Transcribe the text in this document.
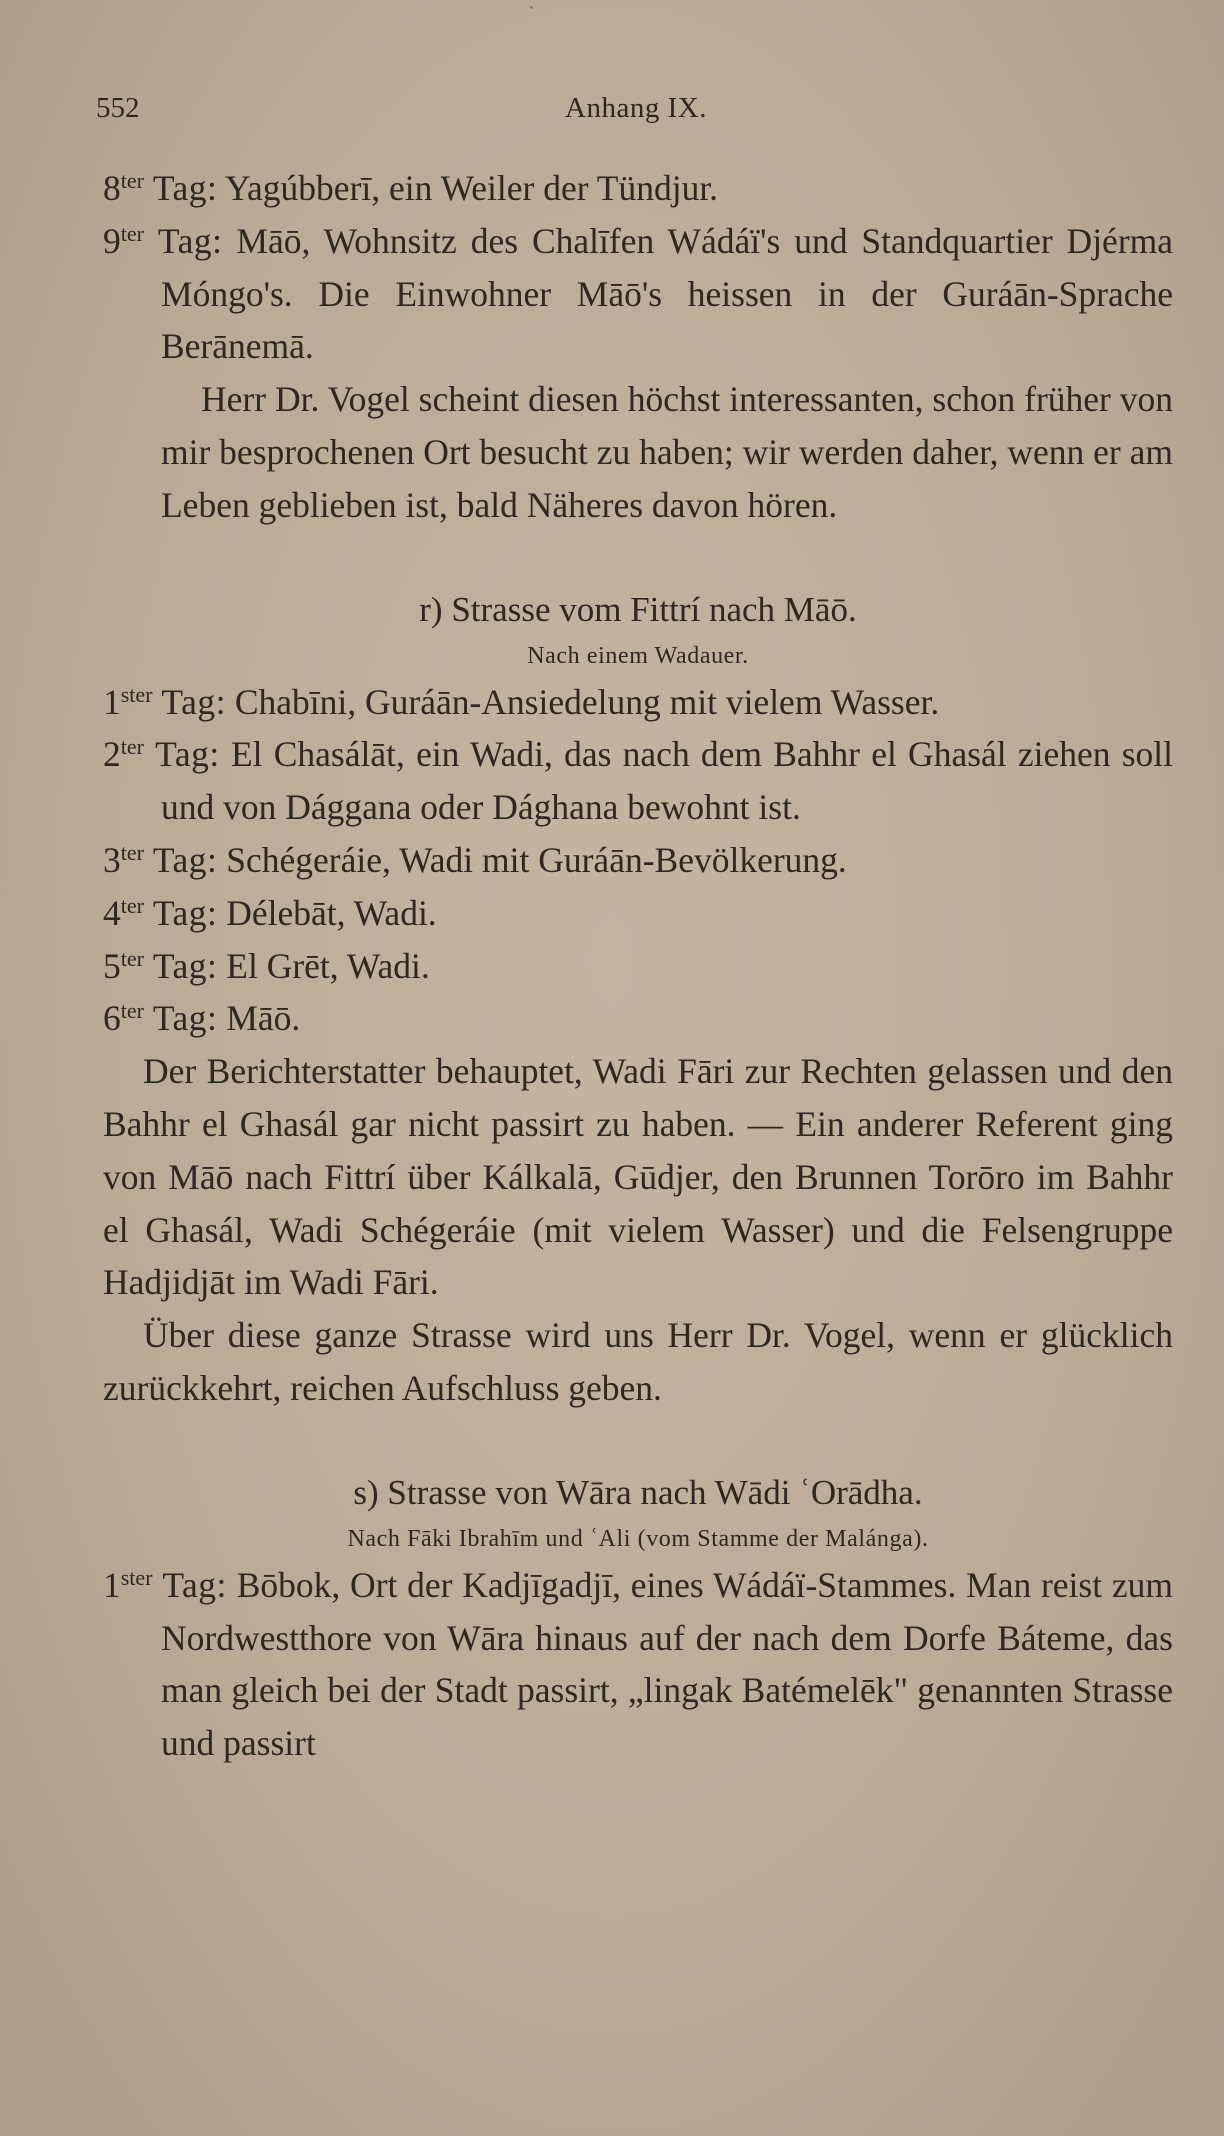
552	Anhang IX.
$8^{ter}$ Tag: Yagúbberī, ein Weiler der Tündjur.
$9^{ter}$ Tag: Māō, Wohnsitz des Chalīfen Wádáï's und Standquartier Djérma Móngo's. Die Einwohner Māō's heissen in der Guráān-Sprache Berānemā.
Herr Dr. Vogel scheint diesen höchst interessanten, schon früher von mir besprochenen Ort besucht zu haben; wir werden daher, wenn er am Leben geblieben ist, bald Näheres davon hören.
r) Strasse vom Fittrí nach Māō.
Nach einem Wadauer.
$1^{ster}$ Tag: Chabīni, Guráān-Ansiedelung mit vielem Wasser.
$2^{ter}$ Tag: El Chasálāt, ein Wadi, das nach dem Bahhr el Ghasál ziehen soll und von Dággana oder Dághana bewohnt ist.
$3^{ter}$ Tag: Schégeráie, Wadi mit Guráān-Bevölkerung.
$4^{ter}$ Tag: Délebāt, Wadi.
$5^{ter}$ Tag: El Grēt, Wadi.
$6^{ter}$ Tag: Māō.
Der Berichterstatter behauptet, Wadi Fāri zur Rechten gelassen und den Bahhr el Ghasál gar nicht passirt zu haben. — Ein anderer Referent ging von Māō nach Fittrí über Kálkalā, Gūdjer, den Brunnen Torōro im Bahhr el Ghasál, Wadi Schégeráie (mit vielem Wasser) und die Felsengruppe Hadjidjāt im Wadi Fāri.
Über diese ganze Strasse wird uns Herr Dr. Vogel, wenn er glücklich zurückkehrt, reichen Aufschluss geben.
s) Strasse von Wāra nach Wādi ʿOrādha.
Nach Fāki Ibrahīm und ʿAli (vom Stamme der Malánga).
$1^{ster}$ Tag: Bōbok, Ort der Kadjīgadjī, eines Wádáï-Stammes. Man reist zum Nordwestthore von Wāra hinaus auf der nach dem Dorfe Báteme, das man gleich bei der Stadt passirt, „lingak Batémelēk" genannten Strasse und passirt
